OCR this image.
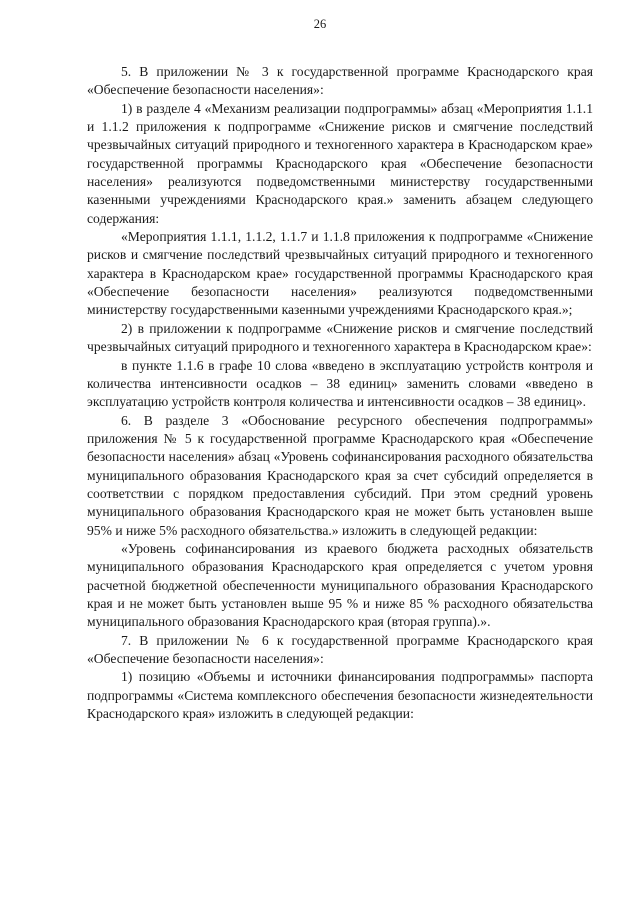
26

5. В приложении № 3 к государственной программе Краснодарского края «Обеспечение безопасности населения»:

1) в разделе 4 «Механизм реализации подпрограммы» абзац «Мероприятия 1.1.1 и 1.1.2 приложения к подпрограмме «Снижение рисков и смягчение последствий чрезвычайных ситуаций природного и техногенного характера в Краснодарском крае» государственной программы Краснодарского края «Обеспечение безопасности населения» реализуются подведомственными министерству государственными казенными учреждениями Краснодарского края.» заменить абзацем следующего содержания:

«Мероприятия 1.1.1, 1.1.2, 1.1.7 и 1.1.8 приложения к подпрограмме «Снижение рисков и смягчение последствий чрезвычайных ситуаций природного и техногенного характера в Краснодарском крае» государственной программы Краснодарского края «Обеспечение безопасности населения» реализуются подведомственными министерству государственными казенными учреждениями Краснодарского края.»;

2) в приложении к подпрограмме «Снижение рисков и смягчение последствий чрезвычайных ситуаций природного и техногенного характера в Краснодарском крае»:

в пункте 1.1.6 в графе 10 слова «введено в эксплуатацию устройств контроля и количества интенсивности осадков – 38 единиц» заменить словами «введено в эксплуатацию устройств контроля количества и интенсивности осадков – 38 единиц».

6. В разделе 3 «Обоснование ресурсного обеспечения подпрограммы» приложения № 5 к государственной программе Краснодарского края «Обеспечение безопасности населения» абзац «Уровень софинансирования расходного обязательства муниципального образования Краснодарского края за счет субсидий определяется в соответствии с порядком предоставления субсидий. При этом средний уровень муниципального образования Краснодарского края не может быть установлен выше 95% и ниже 5% расходного обязательства.» изложить в следующей редакции:

«Уровень софинансирования из краевого бюджета расходных обязательств муниципального образования Краснодарского края определяется с учетом уровня расчетной бюджетной обеспеченности муниципального образования Краснодарского края и не может быть установлен выше 95 % и ниже 85 % расходного обязательства муниципального образования Краснодарского края (вторая группа).».

7. В приложении № 6 к государственной программе Краснодарского края «Обеспечение безопасности населения»:

1) позицию «Объемы и источники финансирования подпрограммы» паспорта подпрограммы «Система комплексного обеспечения безопасности жизнедеятельности Краснодарского края» изложить в следующей редакции:
